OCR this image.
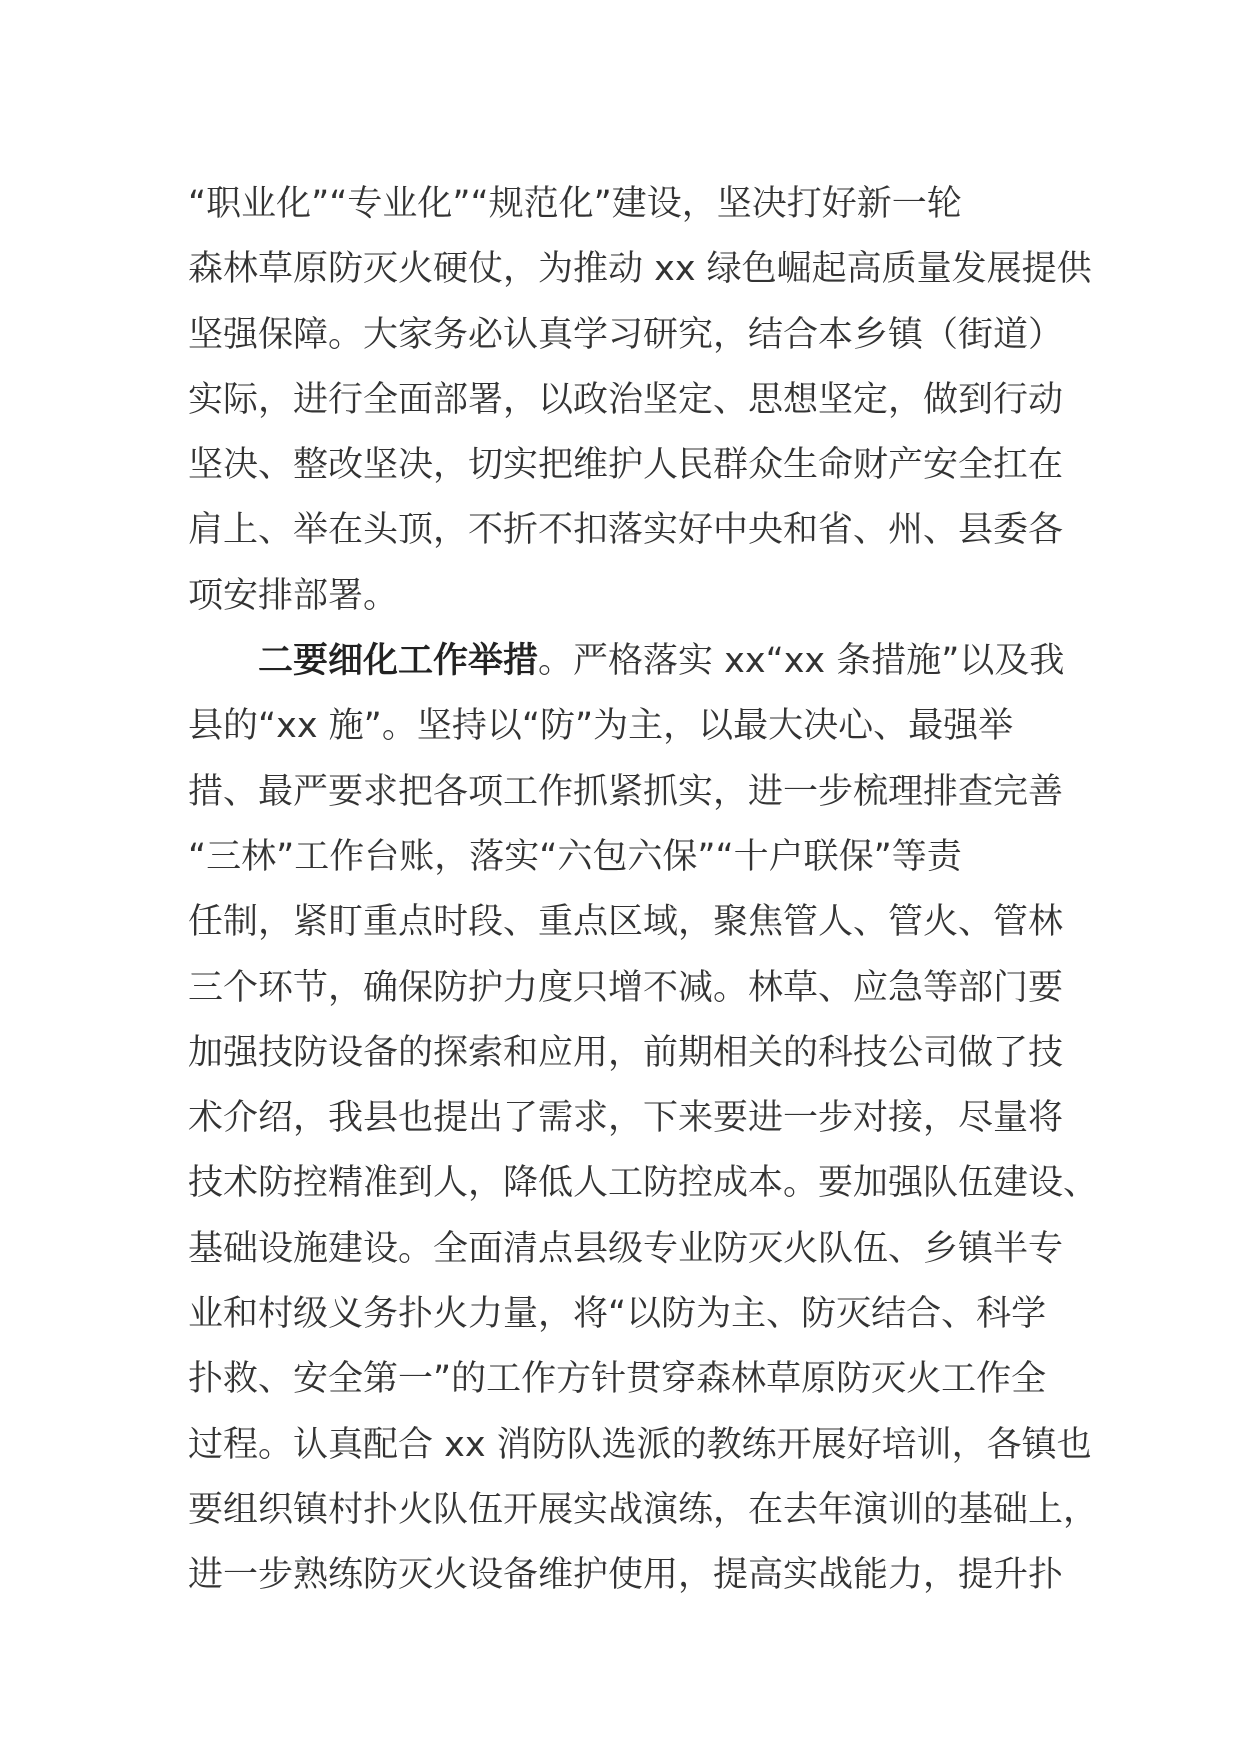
“职业化”“专业化”“规范化”建设，坚决打好新一轮
森林草原防灭火硬仗，为推动 xx 绿色崛起高质量发展提供
坚强保障。大家务必认真学习研究，结合本乡镇（街道）
实际，进行全面部署，以政治坚定、思想坚定，做到行动
坚决、整改坚决，切实把维护人民群众生命财产安全扛在
肩上、举在头顶，不折不扣落实好中央和省、州、县委各
项安排部署。
二要细化工作举措。严格落实 xx“xx 条措施”以及我
县的“xx 施”。坚持以“防”为主，以最大决心、最强举
措、最严要求把各项工作抓紧抓实，进一步梳理排查完善
“三林”工作台账，落实“六包六保”“十户联保”等责
任制，紧盯重点时段、重点区域，聚焦管人、管火、管林
三个环节，确保防护力度只增不减。林草、应急等部门要
加强技防设备的探索和应用，前期相关的科技公司做了技
术介绍，我县也提出了需求，下来要进一步对接，尽量将
技术防控精准到人，降低人工防控成本。要加强队伍建设、
基础设施建设。全面清点县级专业防灭火队伍、乡镇半专
业和村级义务扑火力量，将“以防为主、防灭结合、科学
扑救、安全第一”的工作方针贯穿森林草原防灭火工作全
过程。认真配合 xx 消防队选派的教练开展好培训，各镇也
要组织镇村扑火队伍开展实战演练，在去年演训的基础上，
进一步熟练防灭火设备维护使用，提高实战能力，提升扑
